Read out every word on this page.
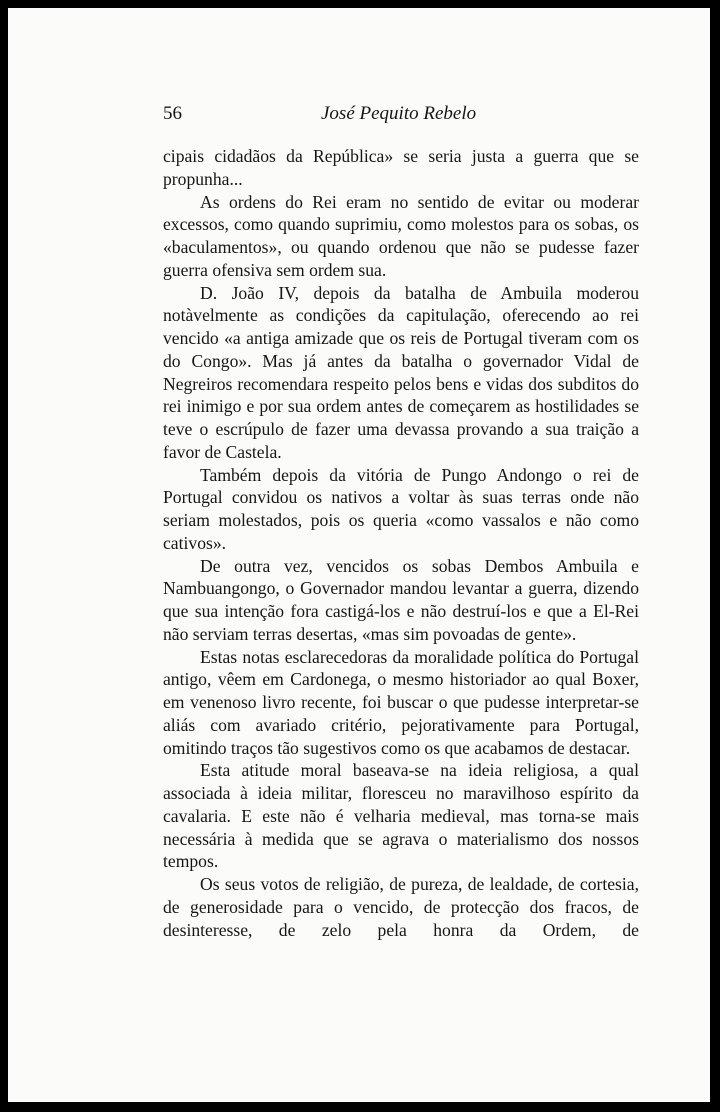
56	José Pequito Rebelo

cipais cidadãos da República» se seria justa a guerra que se propunha...

As ordens do Rei eram no sentido de evitar ou moderar excessos, como quando suprimiu, como molestos para os sobas, os «baculamentos», ou quando ordenou que não se pudesse fazer guerra ofensiva sem ordem sua.

D. João IV, depois da batalha de Ambuila moderou notàvelmente as condições da capitulação, oferecendo ao rei vencido «a antiga amizade que os reis de Portugal tiveram com os do Congo». Mas já antes da batalha o governador Vidal de Negreiros recomendara respeito pelos bens e vidas dos subditos do rei inimigo e por sua ordem antes de começarem as hostilidades se teve o escrúpulo de fazer uma devassa provando a sua traição a favor de Castela.

Também depois da vitória de Pungo Andongo o rei de Portugal convidou os nativos a voltar às suas terras onde não seriam molestados, pois os queria «como vassalos e não como cativos».

De outra vez, vencidos os sobas Dembos Ambuila e Nambuangongo, o Governador mandou levantar a guerra, dizendo que sua intenção fora castigá-los e não destruí-los e que a El-Rei não serviam terras desertas, «mas sim povoadas de gente».

Estas notas esclarecedoras da moralidade política do Portugal antigo, vêem em Cardonega, o mesmo historiador ao qual Boxer, em venenoso livro recente, foi buscar o que pudesse interpretar-se aliás com avariado critério, pejorativamente para Portugal, omitindo traços tão sugestivos como os que acabamos de destacar.

Esta atitude moral baseava-se na ideia religiosa, a qual associada à ideia militar, floresceu no maravilhoso espírito da cavalaria. E este não é velharia medieval, mas torna-se mais necessária à medida que se agrava o materialismo dos nossos tempos.

Os seus votos de religião, de pureza, de lealdade, de cortesia, de generosidade para o vencido, de protecção dos fracos, de desinteresse, de zelo pela honra da Ordem, de
